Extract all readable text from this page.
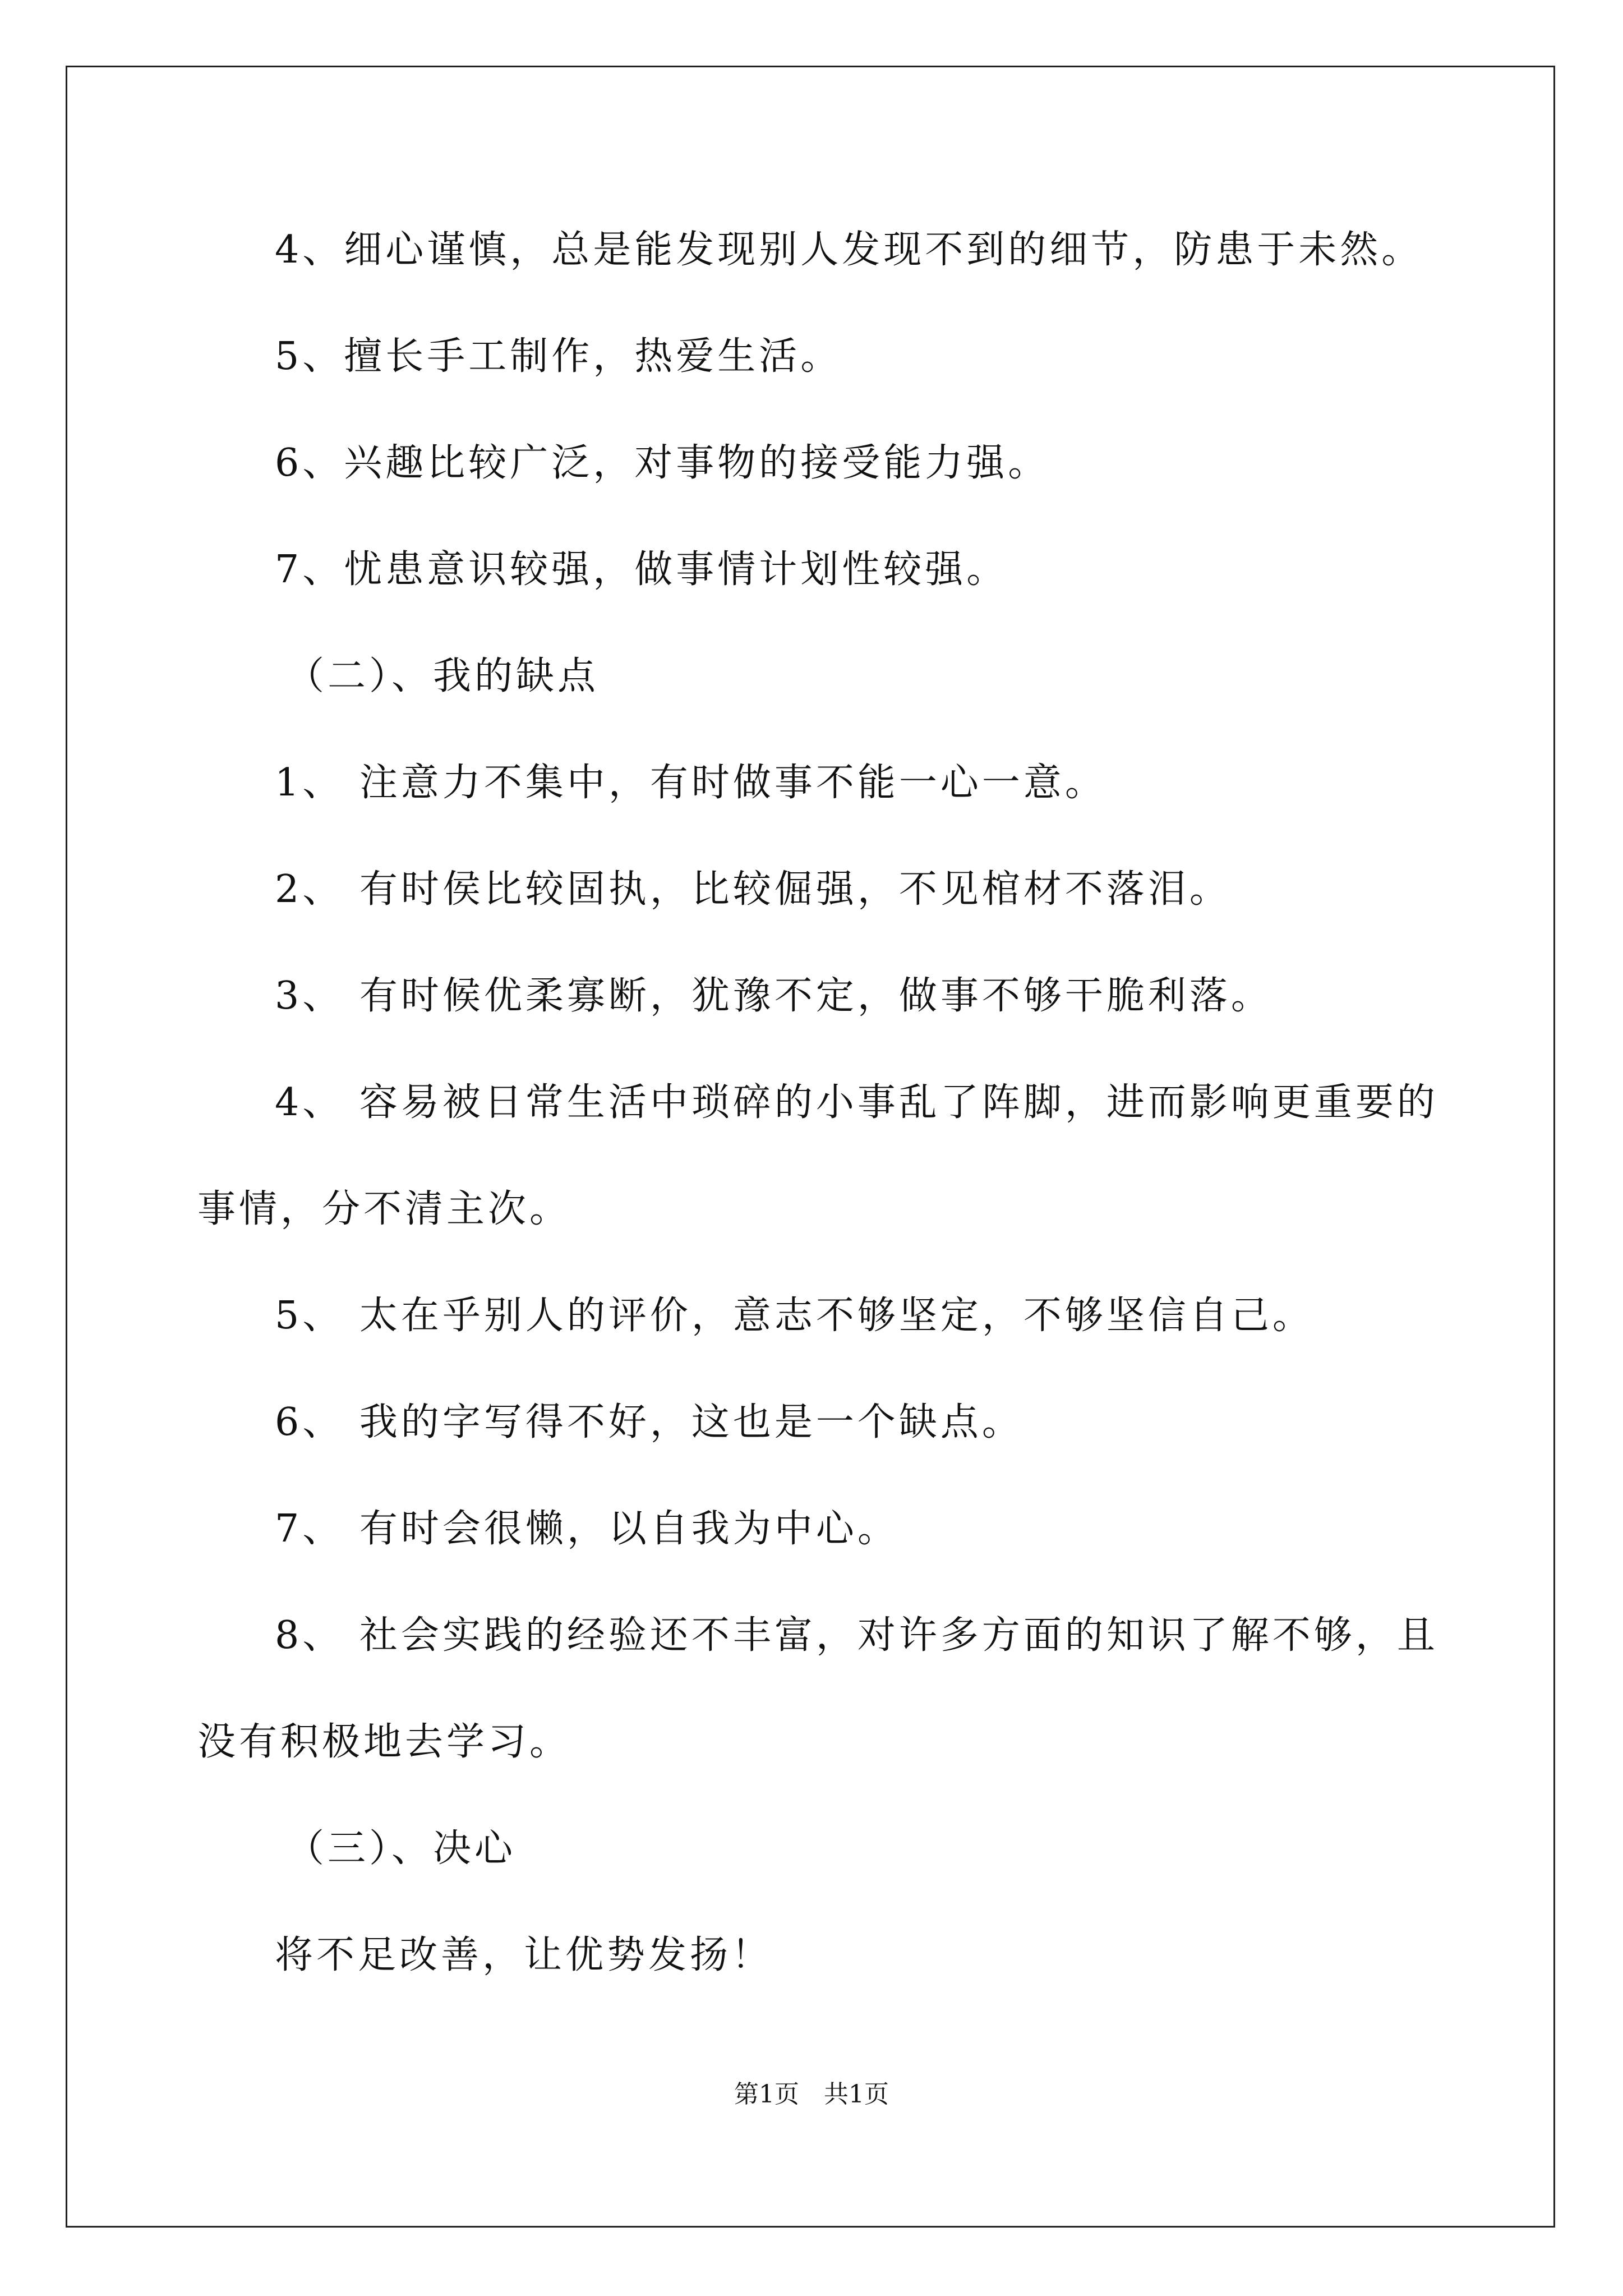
4、细心谨慎，总是能发现别人发现不到的细节，防患于未然。
5、擅长手工制作，热爱生活。
6、兴趣比较广泛，对事物的接受能力强。
7、忧患意识较强，做事情计划性较强。
（二）、我的缺点
1、 注意力不集中，有时做事不能一心一意。
2、 有时侯比较固执，比较倔强，不见棺材不落泪。
3、 有时候优柔寡断，犹豫不定，做事不够干脆利落。
4、 容易被日常生活中琐碎的小事乱了阵脚，进而影响更重要的
事情，分不清主次。
5、 太在乎别人的评价，意志不够坚定，不够坚信自己。
6、 我的字写得不好，这也是一个缺点。
7、 有时会很懒，以自我为中心。
8、 社会实践的经验还不丰富，对许多方面的知识了解不够，且
没有积极地去学习。
（三）、决心
将不足改善，让优势发扬！
第1页　共1页
